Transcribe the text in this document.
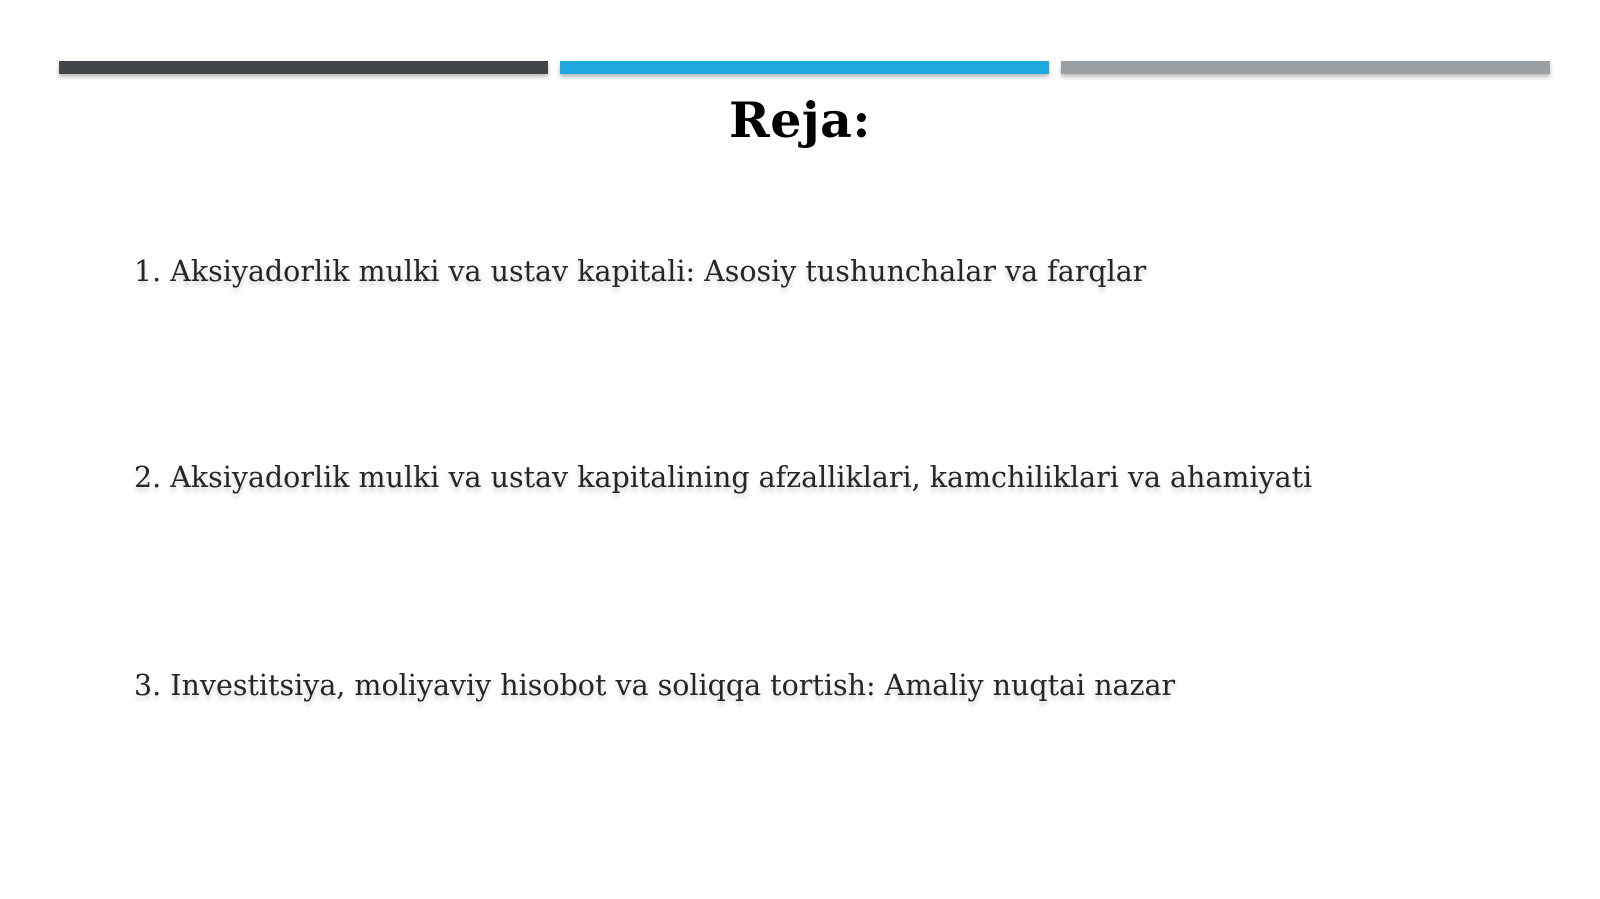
Reja:
1. Aksiyadorlik mulki va ustav kapitali: Asosiy tushunchalar va farqlar
2. Aksiyadorlik mulki va ustav kapitalining afzalliklari, kamchiliklari va ahamiyati
3. Investitsiya, moliyaviy hisobot va soliqqa tortish: Amaliy nuqtai nazar
